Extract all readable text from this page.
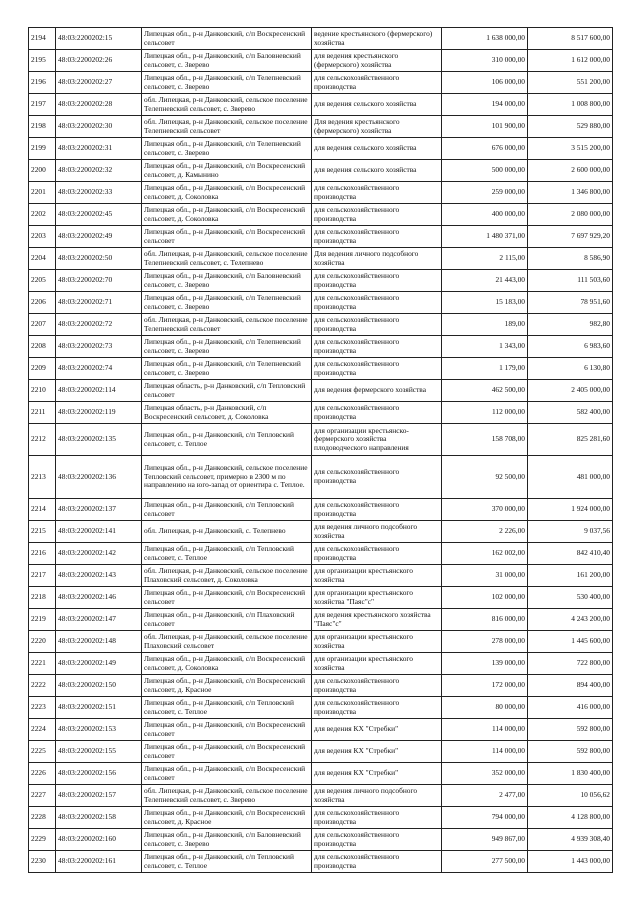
2194	48:03:2200202:15	Липецкая обл., р-н Данковский, с/п Воскресенский сельсовет	ведение крестьянского (фермерского) хозяйства	1 638 000,00	8 517 600,00
2195	48:03:2200202:26	Липецкая обл., р-н Данковский, с/п Баловневский сельсовет, с. Зверево	для ведения крестьянского (фермерского) хозяйства	310 000,00	1 612 000,00
2196	48:03:2200202:27	Липецкая обл., р-н Данковский, с/п Телепневский сельсовет, с. Зверево	для сельскохозяйственного производства	106 000,00	551 200,00
2197	48:03:2200202:28	обл. Липецкая, р-н Данковский, сельское поселение Телепневский сельсовет, с. Зверево	для ведения сельского хозяйства	194 000,00	1 008 800,00
2198	48:03:2200202:30	обл. Липецкая, р-н Данковский, сельское поселение Телепневский сельсовет	Для ведения крестьянского (фермерского) хозяйства	101 900,00	529 880,00
2199	48:03:2200202:31	Липецкая обл., р-н Данковский, с/п Телепневский сельсовет, с. Зверево	для ведения сельского хозяйства	676 000,00	3 515 200,00
2200	48:03:2200202:32	Липецкая обл., р-н Данковский, с/п Воскресенский сельсовет, д. Камынино	для ведения сельского хозяйства	500 000,00	2 600 000,00
2201	48:03:2200202:33	Липецкая обл., р-н Данковский, с/п Воскресенский сельсовет, д. Соколовка	для сельскохозяйственного производства	259 000,00	1 346 800,00
2202	48:03:2200202:45	Липецкая обл., р-н Данковский, с/п Воскресенский сельсовет, д. Соколовка	для сельскохозяйственного производства	400 000,00	2 080 000,00
2203	48:03:2200202:49	Липецкая обл., р-н Данковский, с/п Воскресенский сельсовет	для сельскохозяйственного производства	1 480 371,00	7 697 929,20
2204	48:03:2200202:50	обл. Липецкая, р-н Данковский, сельское поселение Телепневский сельсовет, с. Телепнево	Для ведения личного подсобного хозяйства	2 115,00	8 586,90
2205	48:03:2200202:70	Липецкая обл., р-н Данковский, с/п Баловневский сельсовет, с. Зверево	для сельскохозяйственного производства	21 443,00	111 503,60
2206	48:03:2200202:71	Липецкая обл., р-н Данковский, с/п Телепневский сельсовет, с. Зверево	для сельскохозяйственного производства	15 183,00	78 951,60
2207	48:03:2200202:72	обл. Липецкая, р-н Данковский, сельское поселение Телепневский сельсовет	для сельскохозяйственного производства	189,00	982,80
2208	48:03:2200202:73	Липецкая обл., р-н Данковский, с/п Телепневский сельсовет, с. Зверево	для сельскохозяйственного производства	1 343,00	6 983,60
2209	48:03:2200202:74	Липецкая обл., р-н Данковский, с/п Телепневский сельсовет, с. Зверево	для сельскохозяйственного производства	1 179,00	6 130,80
2210	48:03:2200202:114	Липецкая область, р-н Данковский, с/п Тепловский сельсовет	для ведения фермерского хозяйства	462 500,00	2 405 000,00
2211	48:03:2200202:119	Липецкая область, р-н Данковский, с/п Воскресенский сельсовет, д. Соколовка	для сельскохозяйственного производства	112 000,00	582 400,00
2212	48:03:2200202:135	Липецкая обл., р-н Данковский, с/п Тепловский сельсовет, с. Теплое	для организации крестьянско-фермерского хозяйства плодоводческого направления	158 708,00	825 281,60
2213	48:03:2200202:136	Липецкая обл., р-н Данковский, сельское поселение Тепловский сельсовет, примерно в 2300 м по направлению на юго-запад от ориентира с. Теплое.	для сельскохозяйственного производства	92 500,00	481 000,00
2214	48:03:2200202:137	Липецкая обл., р-н Данковский, с/п Тепловский сельсовет	для сельскохозяйственного производства	370 000,00	1 924 000,00
2215	48:03:2200202:141	обл. Липецкая, р-н Данковский, с. Телепнево	для ведения личного подсобного хозяйства	2 226,00	9 037,56
2216	48:03:2200202:142	Липецкая обл., р-н Данковский, с/п Тепловский сельсовет, с. Теплое	для сельскохозяйственного производства	162 002,00	842 410,40
2217	48:03:2200202:143	обл. Липецкая, р-н Данковский, сельское поселение Плаховский сельсовет, д. Соколовка	для организации крестьянского хозяйства	31 000,00	161 200,00
2218	48:03:2200202:146	Липецкая обл., р-н Данковский, с/п Воскресенский сельсовет	для организации крестьянского хозяйства "Паяс"с"	102 000,00	530 400,00
2219	48:03:2200202:147	Липецкая обл., р-н Данковский, с/п Плаховский сельсовет	для ведения крестьянского хозяйства "Паяс"с"	816 000,00	4 243 200,00
2220	48:03:2200202:148	обл. Липецкая, р-н Данковский, сельское поселение Плаховский сельсовет	для организации крестьянского хозяйства	278 000,00	1 445 600,00
2221	48:03:2200202:149	Липецкая обл., р-н Данковский, с/п Воскресенский сельсовет, д. Соколовка	для организации крестьянского хозяйства	139 000,00	722 800,00
2222	48:03:2200202:150	Липецкая обл., р-н Данковский, с/п Воскресенский сельсовет, д. Красное	для сельскохозяйственного производства	172 000,00	894 400,00
2223	48:03:2200202:151	Липецкая обл., р-н Данковский, с/п Тепловский сельсовет, с. Теплое	для сельскохозяйственного производства	80 000,00	416 000,00
2224	48:03:2200202:153	Липецкая обл., р-н Данковский, с/п Воскресенский сельсовет	для ведения КХ "Стребки"	114 000,00	592 800,00
2225	48:03:2200202:155	Липецкая обл., р-н Данковский, с/п Воскресенский сельсовет	для ведения КХ "Стребки"	114 000,00	592 800,00
2226	48:03:2200202:156	Липецкая обл., р-н Данковский, с/п Воскресенский сельсовет	для ведения КХ "Стребки"	352 000,00	1 830 400,00
2227	48:03:2200202:157	обл. Липецкая, р-н Данковский, сельское поселение Телепневский сельсовет, с. Зверево	для ведения личного подсобного хозяйства	2 477,00	10 056,62
2228	48:03:2200202:158	Липецкая обл., р-н Данковский, с/п Воскресенский сельсовет, д. Красное	для сельскохозяйственного производства	794 000,00	4 128 800,00
2229	48:03:2200202:160	Липецкая обл., р-н Данковский, с/п Баловневский сельсовет, с. Зверево	для сельскохозяйственного производства	949 867,00	4 939 308,40
2230	48:03:2200202:161	Липецкая обл., р-н Данковский, с/п Тепловский сельсовет, с. Теплое	для сельскохозяйственного производства	277 500,00	1 443 000,00
